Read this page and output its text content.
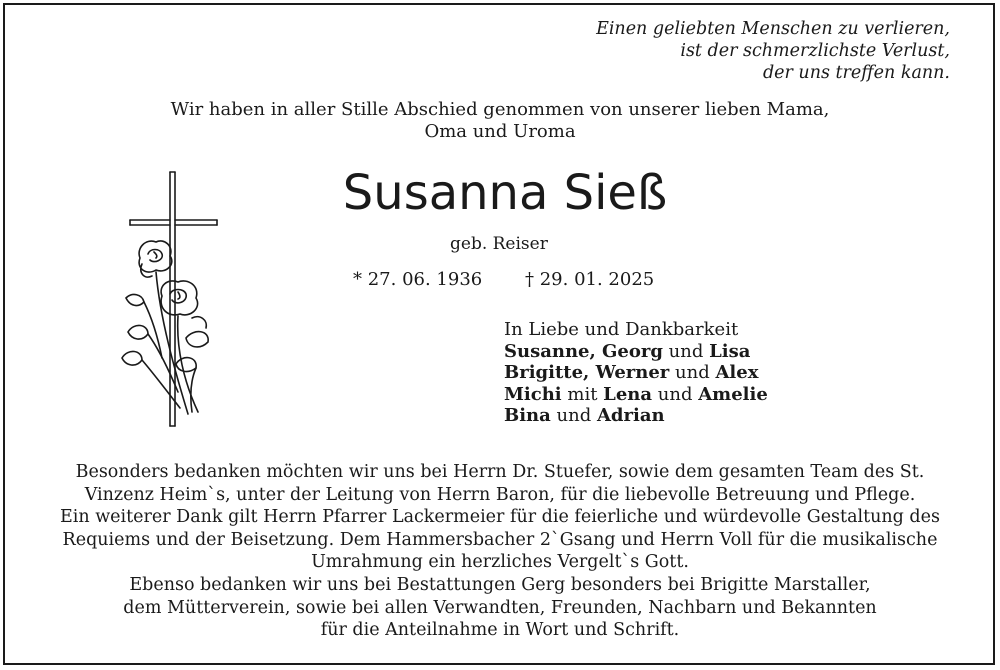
Einen geliebten Menschen zu verlieren,
ist der schmerzlichste Verlust,
der uns treffen kann.
Wir haben in aller Stille Abschied genommen von unserer lieben Mama,
Oma und Uroma
Susanna Sieß
geb. Reiser
* 27. 06. 1936 † 29. 01. 2025
In Liebe und Dankbarkeit
Susanne, Georg und Lisa
Brigitte, Werner und Alex
Michi mit Lena und Amelie
Bina und Adrian
Besonders bedanken möchten wir uns bei Herrn Dr. Stuefer, sowie dem gesamten Team des St.
Vinzenz Heim`s, unter der Leitung von Herrn Baron, für die liebevolle Betreuung und Pflege.
Ein weiterer Dank gilt Herrn Pfarrer Lackermeier für die feierliche und würdevolle Gestaltung des
Requiems und der Beisetzung. Dem Hammersbacher 2`Gsang und Herrn Voll für die musikalische
Umrahmung ein herzliches Vergelt`s Gott.
Ebenso bedanken wir uns bei Bestattungen Gerg besonders bei Brigitte Marstaller,
dem Mütterverein, sowie bei allen Verwandten, Freunden, Nachbarn und Bekannten
für die Anteilnahme in Wort und Schrift.
